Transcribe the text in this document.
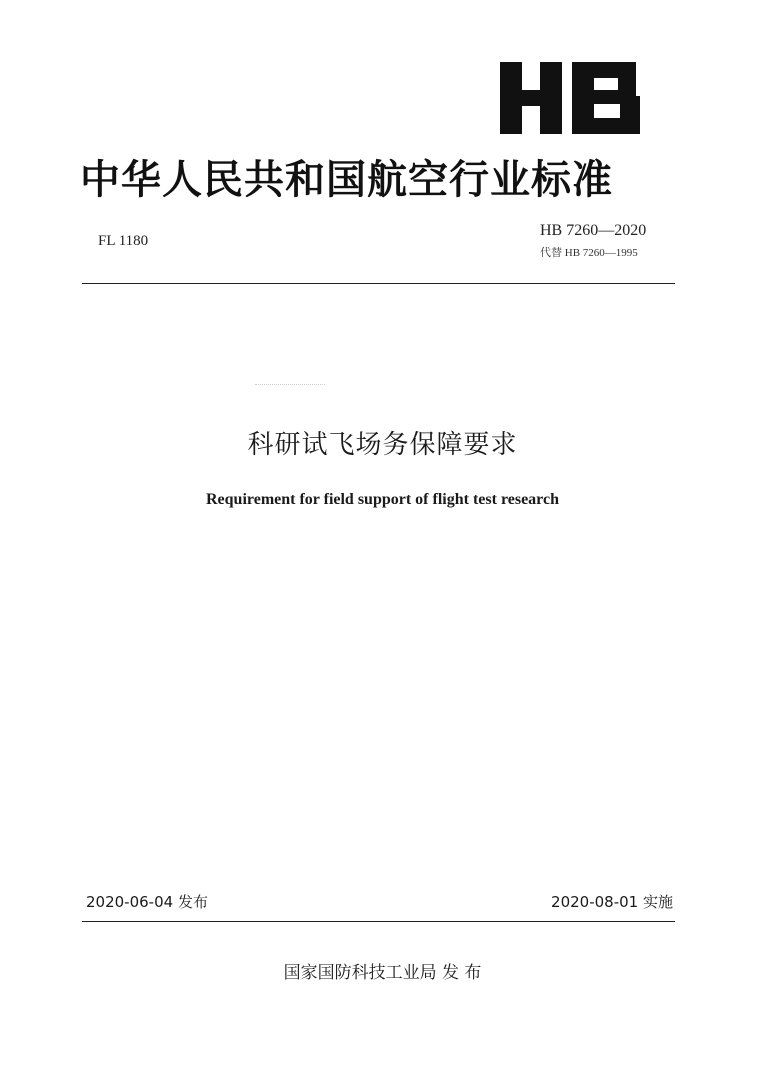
中华人民共和国航空行业标准
FL 1180
HB 7260—2020
代替 HB 7260—1995
科研试飞场务保障要求
Requirement for field support of flight test research
2020-06-04 发布	2020-08-01 实施
国家国防科技工业局 发 布
